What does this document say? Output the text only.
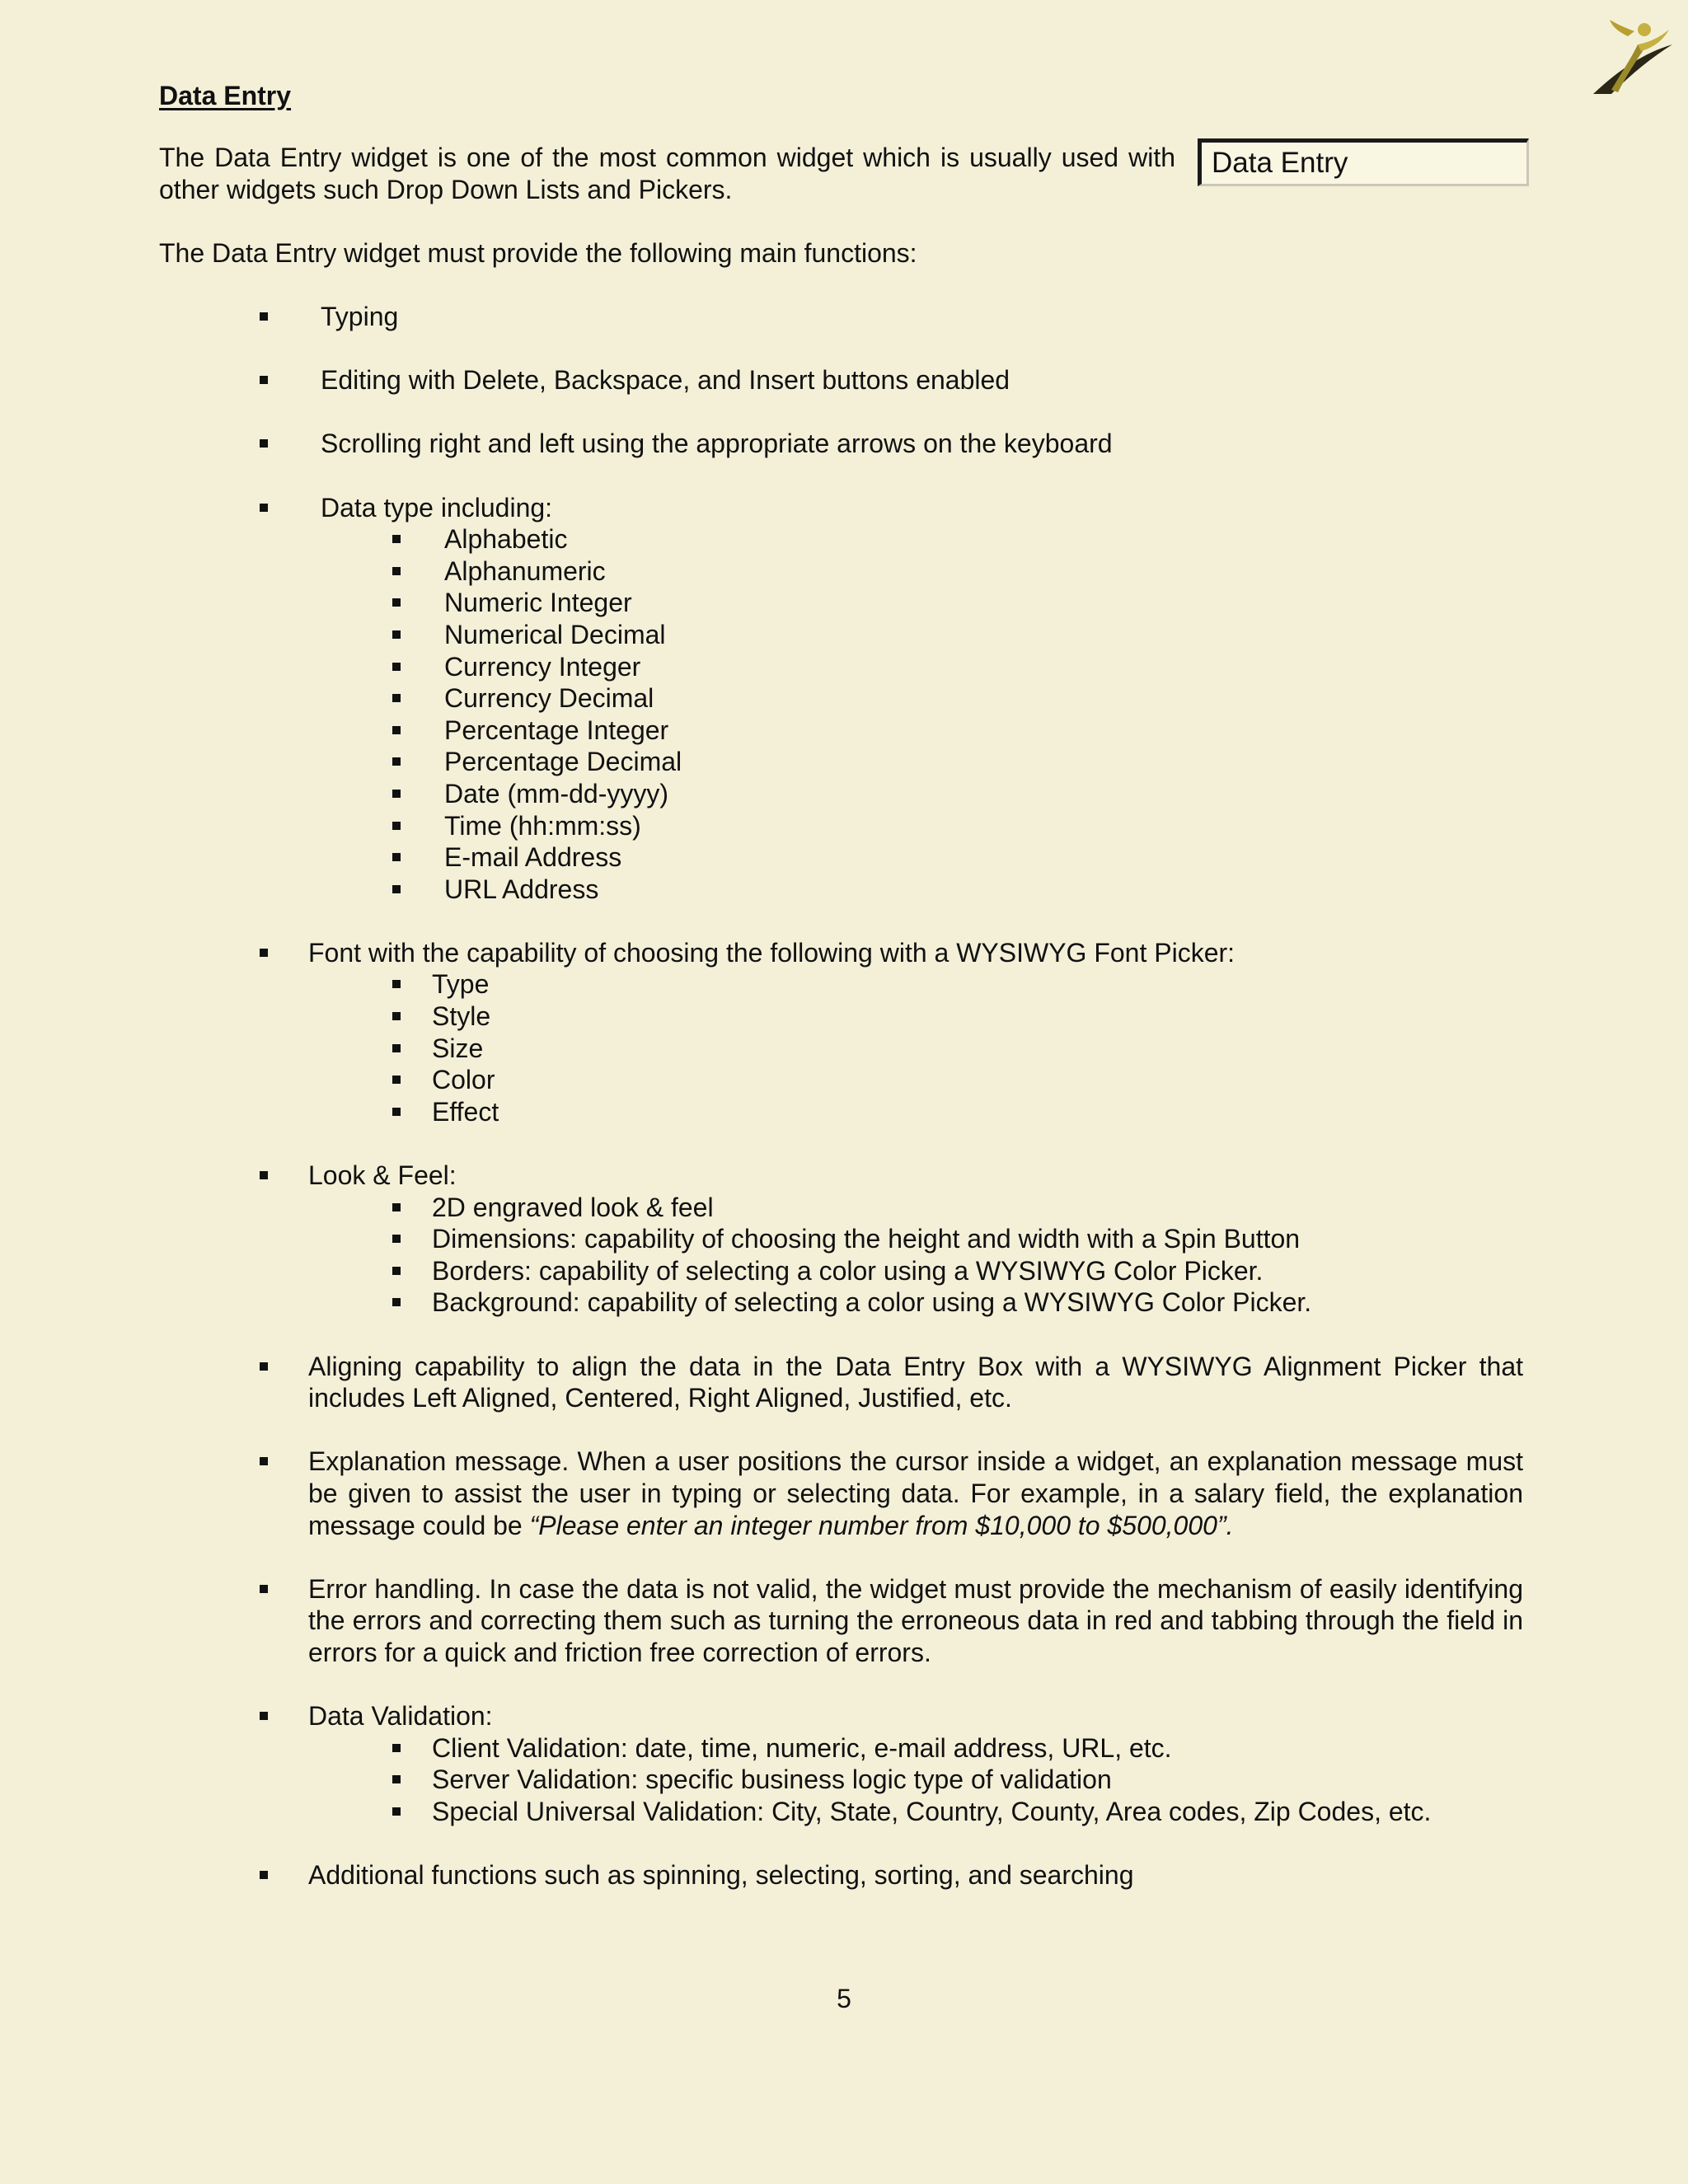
Data Entry
The Data Entry widget is one of the most common widget which is usually used with other widgets such Drop Down Lists and Pickers.
Data Entry
The Data Entry widget must provide the following main functions:
Typing
Editing with Delete, Backspace, and Insert buttons enabled
Scrolling right and left using the appropriate arrows on the keyboard
Data type including:
Alphabetic
Alphanumeric
Numeric Integer
Numerical Decimal
Currency Integer
Currency Decimal
Percentage Integer
Percentage Decimal
Date (mm-dd-yyyy)
Time (hh:mm:ss)
E-mail Address
URL Address
Font with the capability of choosing the following with a WYSIWYG Font Picker:
Type
Style
Size
Color
Effect
Look & Feel:
2D engraved look & feel
Dimensions: capability of choosing the height and width with a Spin Button
Borders: capability of selecting a color using a WYSIWYG Color Picker.
Background: capability of selecting a color using a WYSIWYG Color Picker.
Aligning capability to align the data in the Data Entry Box with a WYSIWYG Alignment Picker that includes Left Aligned, Centered, Right Aligned, Justified, etc.
Explanation message. When a user positions the cursor inside a widget, an explanation message must be given to assist the user in typing or selecting data. For example, in a salary field, the explanation message could be “Please enter an integer number from $10,000 to $500,000”.
Error handling. In case the data is not valid, the widget must provide the mechanism of easily identifying the errors and correcting them such as turning the erroneous data in red and tabbing through the field in errors for a quick and friction free correction of errors.
Data Validation:
Client Validation: date, time, numeric, e-mail address, URL, etc.
Server Validation: specific business logic type of validation
Special Universal Validation: City, State, Country, County, Area codes, Zip Codes, etc.
Additional functions such as spinning, selecting, sorting, and searching
5
